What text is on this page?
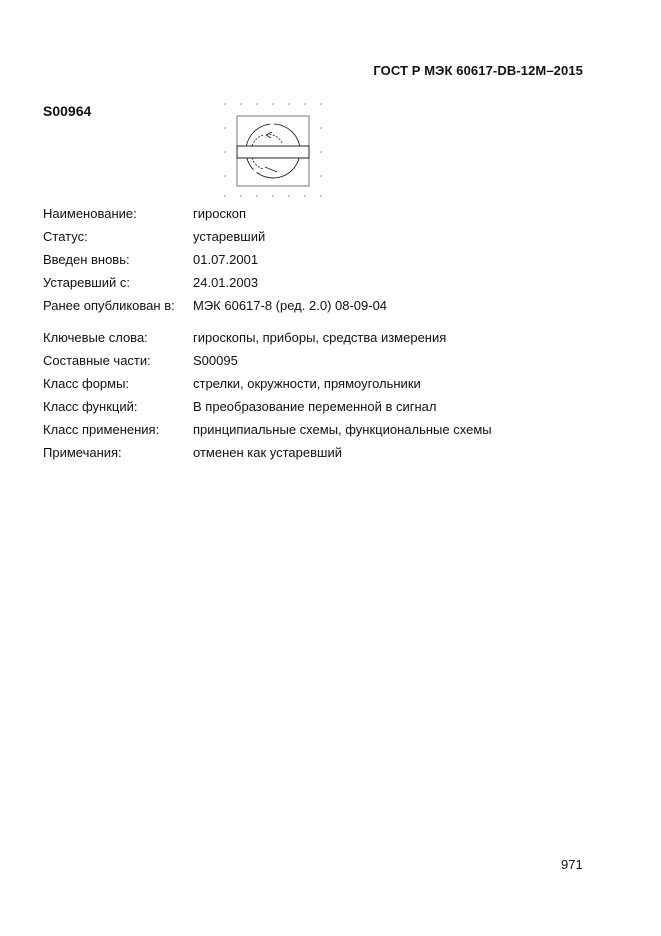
ГОСТ Р МЭК 60617-DB-12M–2015
S00964
Наименование:	гироскоп
Статус:	устаревший
Введен вновь:	01.07.2001
Устаревший с:	24.01.2003
Ранее опубликован в: МЭК 60617-8 (ред. 2.0) 08-09-04
Ключевые слова:	гироскопы, приборы, средства измерения
Составные части:	S00095
Класс формы:	стрелки, окружности, прямоугольники
Класс функций:	В преобразование переменной в сигнал
Класс применения:	принципиальные схемы, функциональные схемы
Примечания:	отменен как устаревший
971
